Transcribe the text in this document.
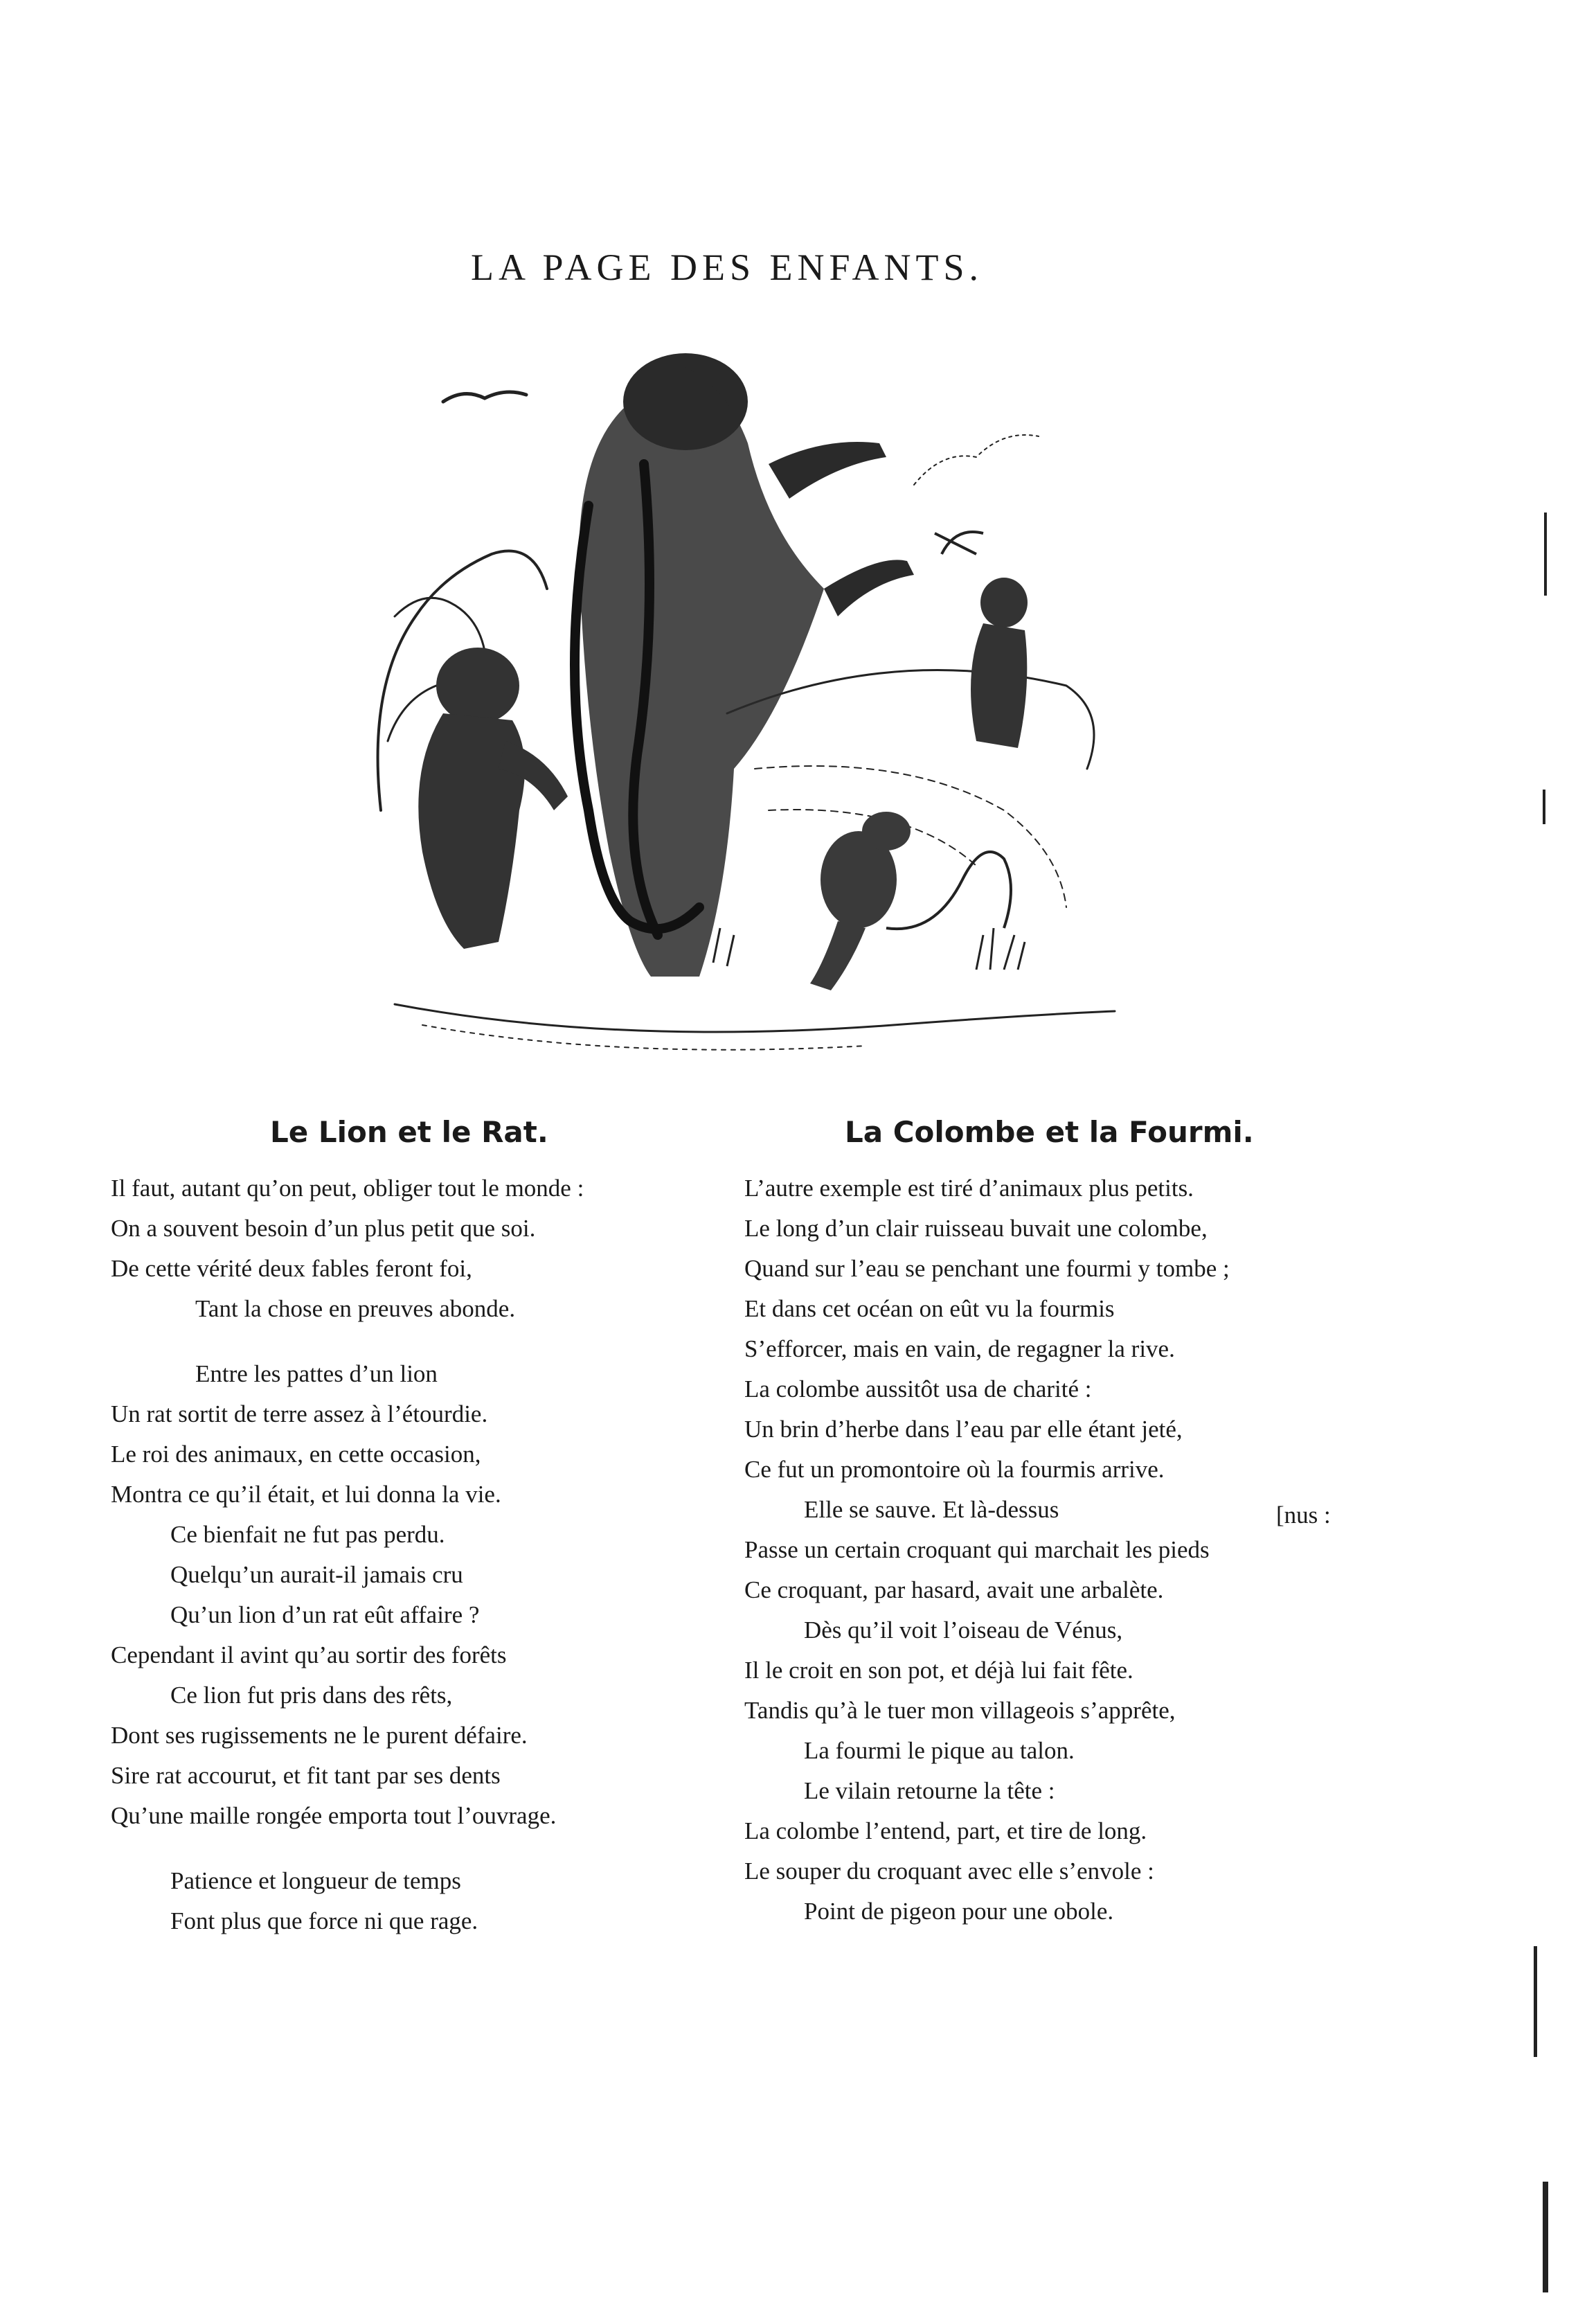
LA PAGE DES ENFANTS.
Le Lion et le Rat.
Il faut, autant qu’on peut, obliger tout le monde :
On a souvent besoin d’un plus petit que soi.
De cette vérité deux fables feront foi,
Tant la chose en preuves abonde.
Entre les pattes d’un lion
Un rat sortit de terre assez à l’étourdie.
Le roi des animaux, en cette occasion,
Montra ce qu’il était, et lui donna la vie.
Ce bienfait ne fut pas perdu.
Quelqu’un aurait-il jamais cru
Qu’un lion d’un rat eût affaire ?
Cependant il avint qu’au sortir des forêts
Ce lion fut pris dans des rêts,
Dont ses rugissements ne le purent défaire.
Sire rat accourut, et fit tant par ses dents
Qu’une maille rongée emporta tout l’ouvrage.
Patience et longueur de temps
Font plus que force ni que rage.
La Colombe et la Fourmi.
L’autre exemple est tiré d’animaux plus petits.
Le long d’un clair ruisseau buvait une colombe,
Quand sur l’eau se penchant une fourmi y tombe ;
Et dans cet océan on eût vu la fourmis
S’efforcer, mais en vain, de regagner la rive.
La colombe aussitôt usa de charité :
Un brin d’herbe dans l’eau par elle étant jeté,
Ce fut un promontoire où la fourmis arrive.
Elle se sauve. Et là-dessus
Passe un certain croquant qui marchait les pieds
Ce croquant, par hasard, avait une arbalète.
Dès qu’il voit l’oiseau de Vénus,
Il le croit en son pot, et déjà lui fait fête.
Tandis qu’à le tuer mon villageois s’apprête,
La fourmi le pique au talon.
Le vilain retourne la tête :
La colombe l’entend, part, et tire de long.
Le souper du croquant avec elle s’envole :
Point de pigeon pour une obole.
[nus :
